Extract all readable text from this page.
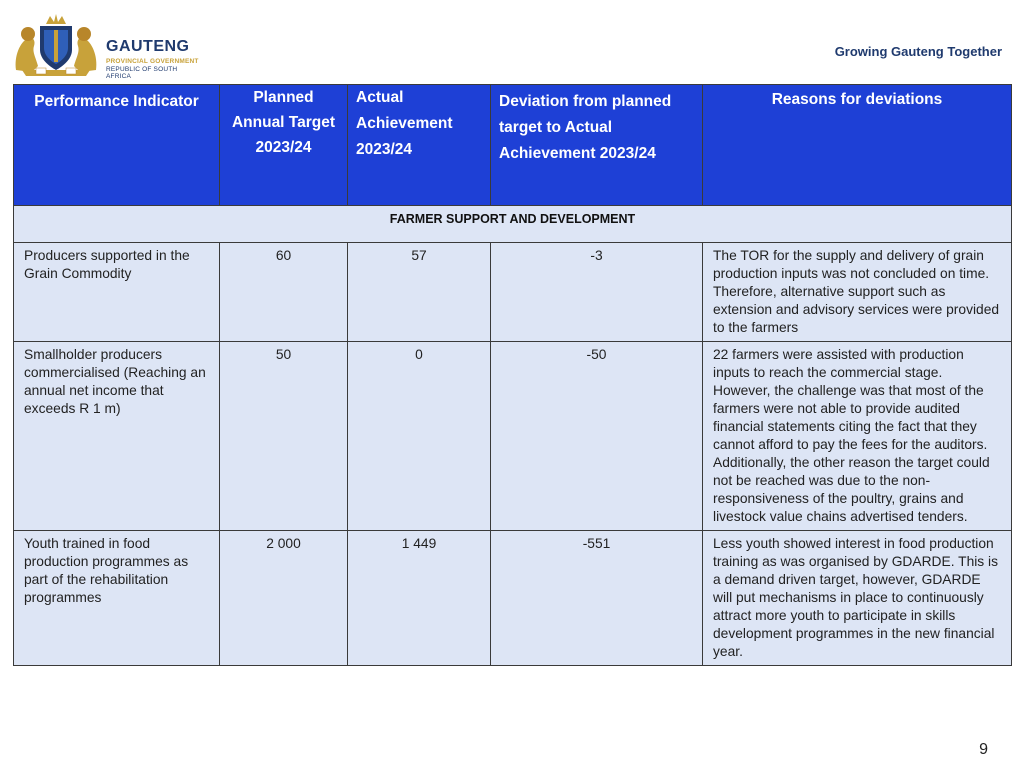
GAUTENG
PROVINCIAL GOVERNMENT
REPUBLIC OF SOUTH AFRICA
Growing Gauteng Together
Performance Indicator	Planned Annual Target 2023/24	Actual Achievement 2023/24	Deviation from planned target to Actual Achievement 2023/24	Reasons for deviations
FARMER SUPPORT AND DEVELOPMENT				
Producers supported in the Grain Commodity	60	57	-3	The TOR for the supply and delivery of grain production inputs was not concluded on time. Therefore, alternative support such as extension and advisory services were provided to the farmers
Smallholder producers commercialised (Reaching an annual net income that exceeds R 1 m)	50	0	-50	22 farmers were assisted with production inputs to reach the commercial stage. However, the challenge was that most of the farmers were not able to provide audited financial statements citing the fact that they cannot afford to pay the fees for the auditors. Additionally, the other reason the target could not be reached was due to the non-responsiveness of the poultry, grains and livestock value chains advertised tenders.
Youth trained in food production programmes as part of the rehabilitation programmes	2 000	1 449	-551	Less youth showed interest in food production training as was organised by GDARDE. This is a demand driven target, however, GDARDE will put mechanisms in place to continuously attract more youth to participate in skills development programmes in the new financial year.
9
